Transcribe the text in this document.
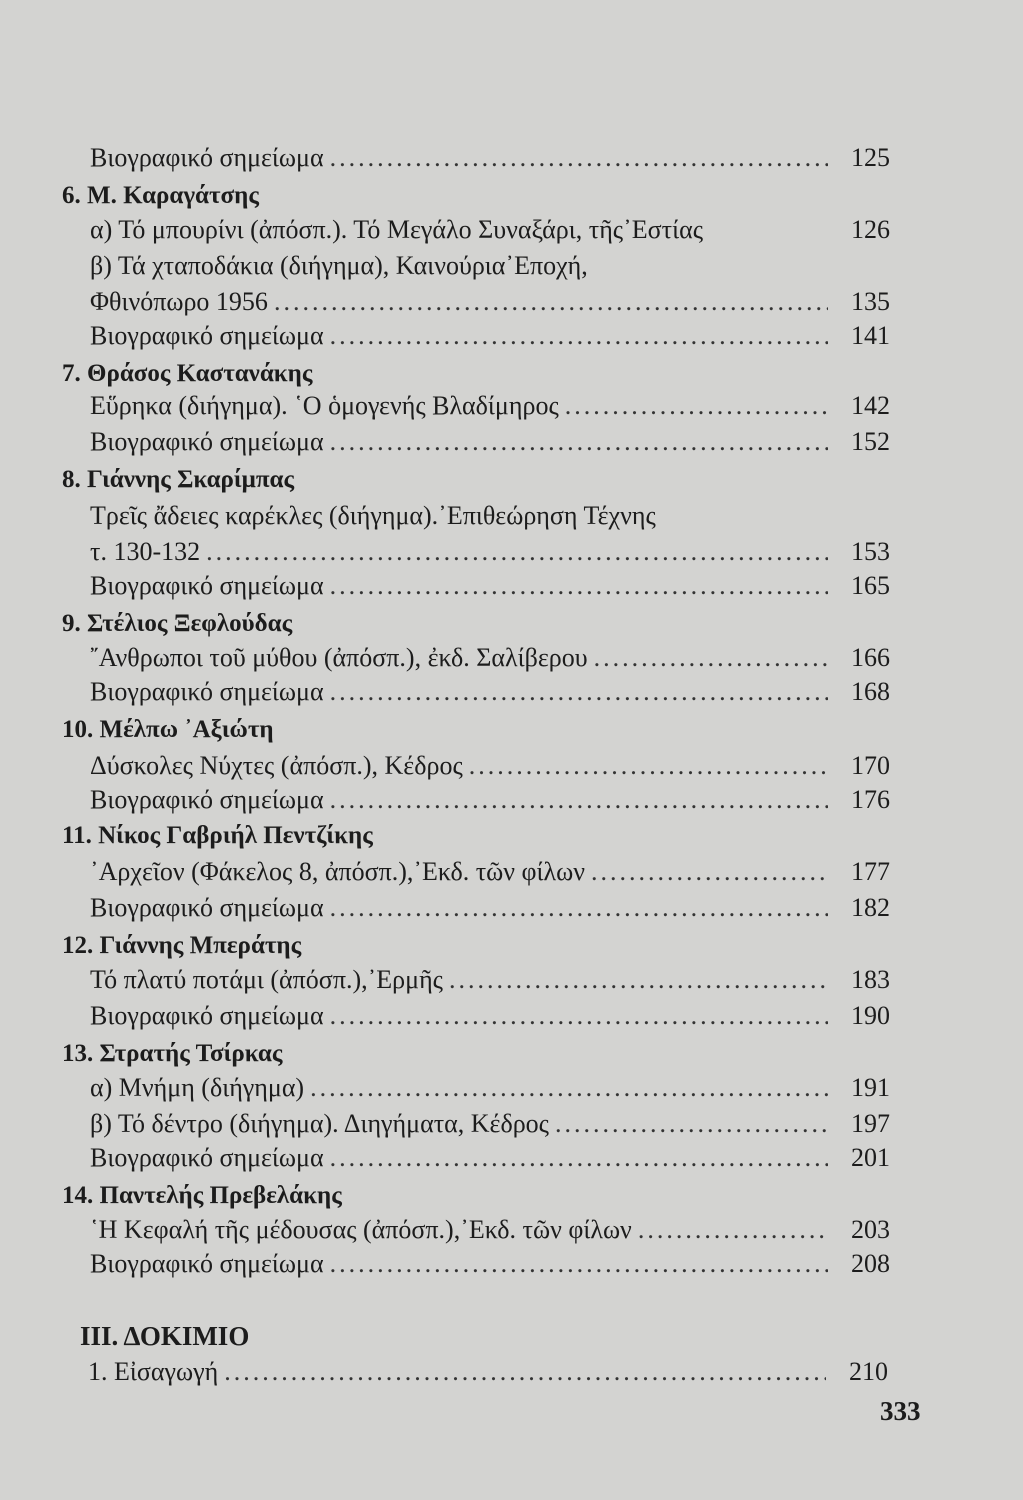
Βιογραφικό σημείωμα .....	125
6. Μ. Καραγάτσης
α) Τό μπουρίνι (ἀπόσπ.). Τό Μεγάλο Συναξάρι, τῆς᾿Εστίας	126
β) Τά χταποδάκια (διήγημα), Καινούρια᾿Εποχή,
Φθινόπωρο 1956 .....	135
Βιογραφικό σημείωμα .....	141
7. Θράσος Καστανάκης
Εὕρηκα (διήγημα). ῾Ο ὁμογενής Βλαδίμηρος .....	142
Βιογραφικό σημείωμα .....	152
8. Γιάννης Σκαρίμπας
Τρεῖς ἄδειες καρέκλες (διήγημα).᾿Επιθεώρηση Τέχνης
τ. 130-132 .....	153
Βιογραφικό σημείωμα .....	165
9. Στέλιος Ξεφλούδας
῎Ανθρωποι τοῦ μύθου (ἀπόσπ.), ἐκδ. Σαλίβερου .....	166
Βιογραφικό σημείωμα .....	168
10. Μέλπω ᾿Αξιώτη
Δύσκολες Νύχτες (ἀπόσπ.), Κέδρος .....	170
Βιογραφικό σημείωμα .....	176
11. Νίκος Γαβριήλ Πεντζίκης
᾿Αρχεῖον (Φάκελος 8, ἀπόσπ.),᾿Εκδ. τῶν φίλων .....	177
Βιογραφικό σημείωμα .....	182
12. Γιάννης Μπεράτης
Τό πλατύ ποτάμι (ἀπόσπ.),᾿Ερμῆς .....	183
Βιογραφικό σημείωμα .....	190
13. Στρατής Τσίρκας
α) Μνήμη (διήγημα) .....	191
β) Τό δέντρο (διήγημα). Διηγήματα, Κέδρος .....	197
Βιογραφικό σημείωμα .....	201
14. Παντελής Πρεβελάκης
῾Η Κεφαλή τῆς μέδουσας (ἀπόσπ.),᾿Εκδ. τῶν φίλων .....	203
Βιογραφικό σημείωμα .....	208
ΙΙΙ. ΔΟΚΙΜΙΟ
1. Εἰσαγωγή .....	210
333
